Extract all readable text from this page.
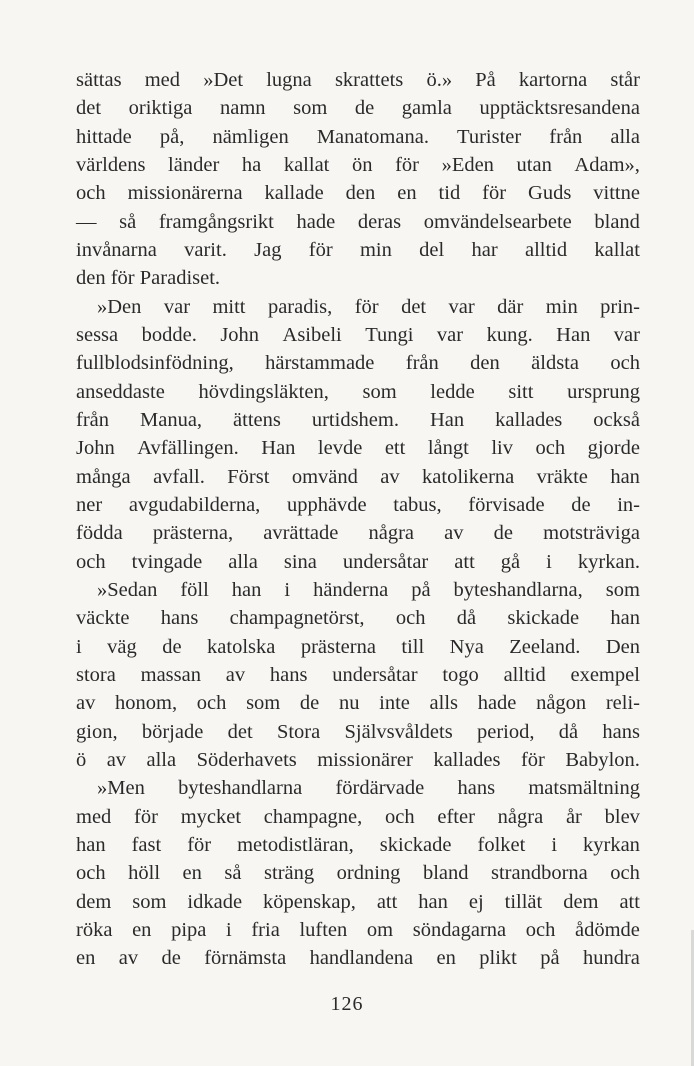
sättas med »Det lugna skrattets ö.» På kartorna står
det oriktiga namn som de gamla upptäcktsresandena
hittade på, nämligen Manatomana. Turister från alla
världens länder ha kallat ön för »Eden utan Adam»,
och missionärerna kallade den en tid för Guds vittne
— så framgångsrikt hade deras omvändelsearbete bland
invånarna varit. Jag för min del har alltid kallat
den för Paradiset.
»Den var mitt paradis, för det var där min prin-
sessa bodde. John Asibeli Tungi var kung. Han var
fullblodsinfödning, härstammade från den äldsta och
anseddaste hövdingsläkten, som ledde sitt ursprung
från Manua, ättens urtidshem. Han kallades också
John Avfällingen. Han levde ett långt liv och gjorde
många avfall. Först omvänd av katolikerna vräkte han
ner avgudabilderna, upphävde tabus, förvisade de in-
födda prästerna, avrättade några av de motsträviga
och tvingade alla sina undersåtar att gå i kyrkan.
»Sedan föll han i händerna på byteshandlarna, som
väckte hans champagnetörst, och då skickade han
i väg de katolska prästerna till Nya Zeeland. Den
stora massan av hans undersåtar togo alltid exempel
av honom, och som de nu inte alls hade någon reli-
gion, började det Stora Självsvåldets period, då hans
ö av alla Söderhavets missionärer kallades för Babylon.
»Men byteshandlarna fördärvade hans matsmältning
med för mycket champagne, och efter några år blev
han fast för metodistläran, skickade folket i kyrkan
och höll en så sträng ordning bland strandborna och
dem som idkade köpenskap, att han ej tillät dem att
röka en pipa i fria luften om söndagarna och ådömde
en av de förnämsta handlandena en plikt på hundra
126
